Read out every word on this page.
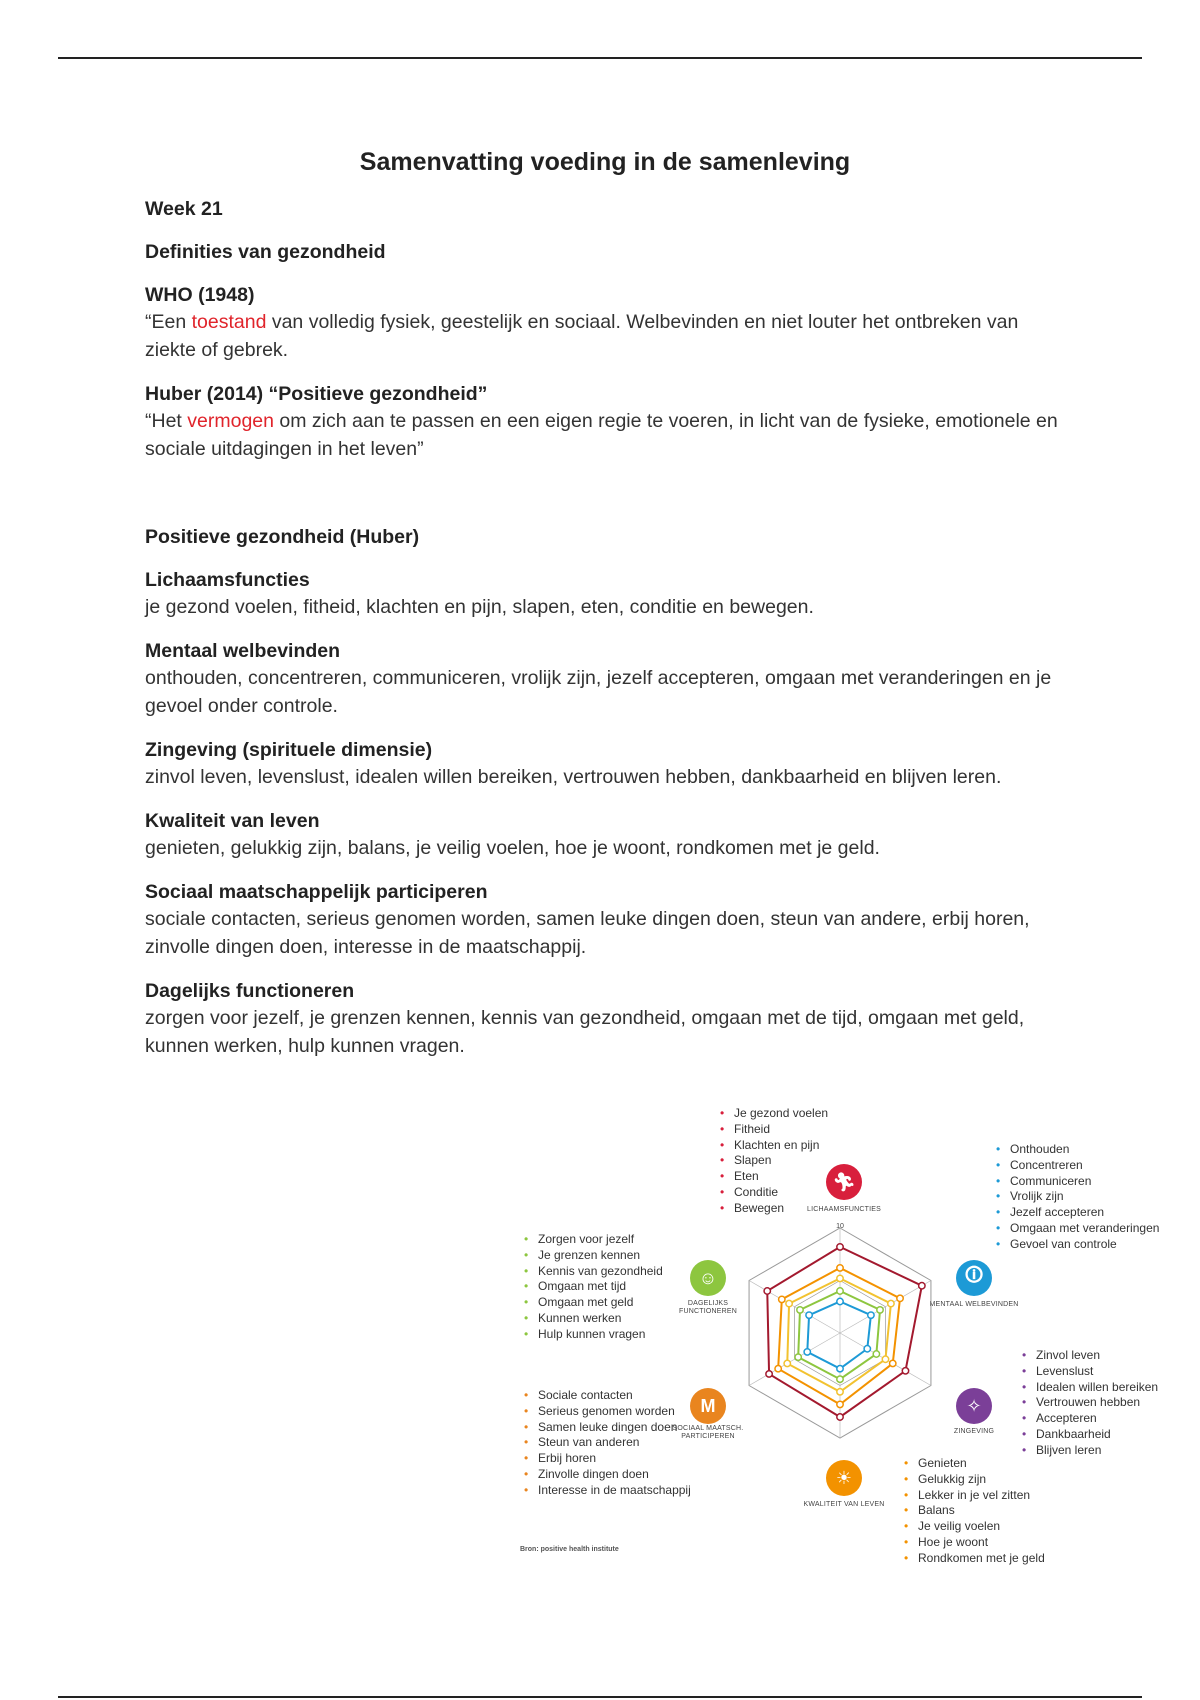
Samenvatting voeding in de samenleving
Week 21
Definities van gezondheid
WHO (1948)
“Een toestand van volledig fysiek, geestelijk en sociaal. Welbevinden en niet louter het ontbreken van ziekte of gebrek.
Huber (2014) “Positieve gezondheid”
“Het vermogen om zich aan te passen en een eigen regie te voeren, in licht van de fysieke, emotionele en sociale uitdagingen in het leven”
Positieve gezondheid (Huber)
Lichaamsfuncties
je gezond voelen, fitheid, klachten en pijn, slapen, eten, conditie en bewegen.
Mentaal welbevinden
onthouden, concentreren, communiceren, vrolijk zijn, jezelf accepteren, omgaan met veranderingen en je gevoel onder controle.
Zingeving (spirituele dimensie)
zinvol leven, levenslust, idealen willen bereiken, vertrouwen hebben, dankbaarheid en blijven leren.
Kwaliteit van leven
genieten, gelukkig zijn, balans, je veilig voelen, hoe je woont, rondkomen met je geld.
Sociaal maatschappelijk participeren
sociale contacten, serieus genomen worden, samen leuke dingen doen, steun van andere, erbij horen, zinvolle dingen doen, interesse in de maatschappij.
Dagelijks functioneren
zorgen voor jezelf, je grenzen kennen, kennis van gezondheid, omgaan met de tijd, omgaan met geld, kunnen werken, hulp kunnen vragen.
• Je gezond voelen
• Fitheid
• Klachten en pijn
• Slapen
• Eten
• Conditie
• Bewegen
• Onthouden
• Concentreren
• Communiceren
• Vrolijk zijn
• Jezelf accepteren
• Omgaan met veranderingen
• Gevoel van controle
• Zinvol leven
• Levenslust
• Idealen willen bereiken
• Vertrouwen hebben
• Accepteren
• Dankbaarheid
• Blijven leren
• Genieten
• Gelukkig zijn
• Lekker in je vel zitten
• Balans
• Je veilig voelen
• Hoe je woont
• Rondkomen met je geld
• Sociale contacten
• Serieus genomen worden
• Samen leuke dingen doen
• Steun van anderen
• Erbij horen
• Zinvolle dingen doen
• Interesse in de maatschappij
• Zorgen voor jezelf
• Je grenzen kennen
• Kennis van gezondheid
• Omgaan met tijd
• Omgaan met geld
• Kunnen werken
• Hulp kunnen vragen
🏃︎
LICHAAMSFUNCTIES
🛈︎
MENTAAL WELBEVINDEN
✧
ZINGEVING
☀
KWALITEIT VAN LEVEN
M
SOCIAAL MAATSCH. PARTICIPEREN
☺
DAGELIJKS FUNCTIONEREN
10
Bron: positive health institute
